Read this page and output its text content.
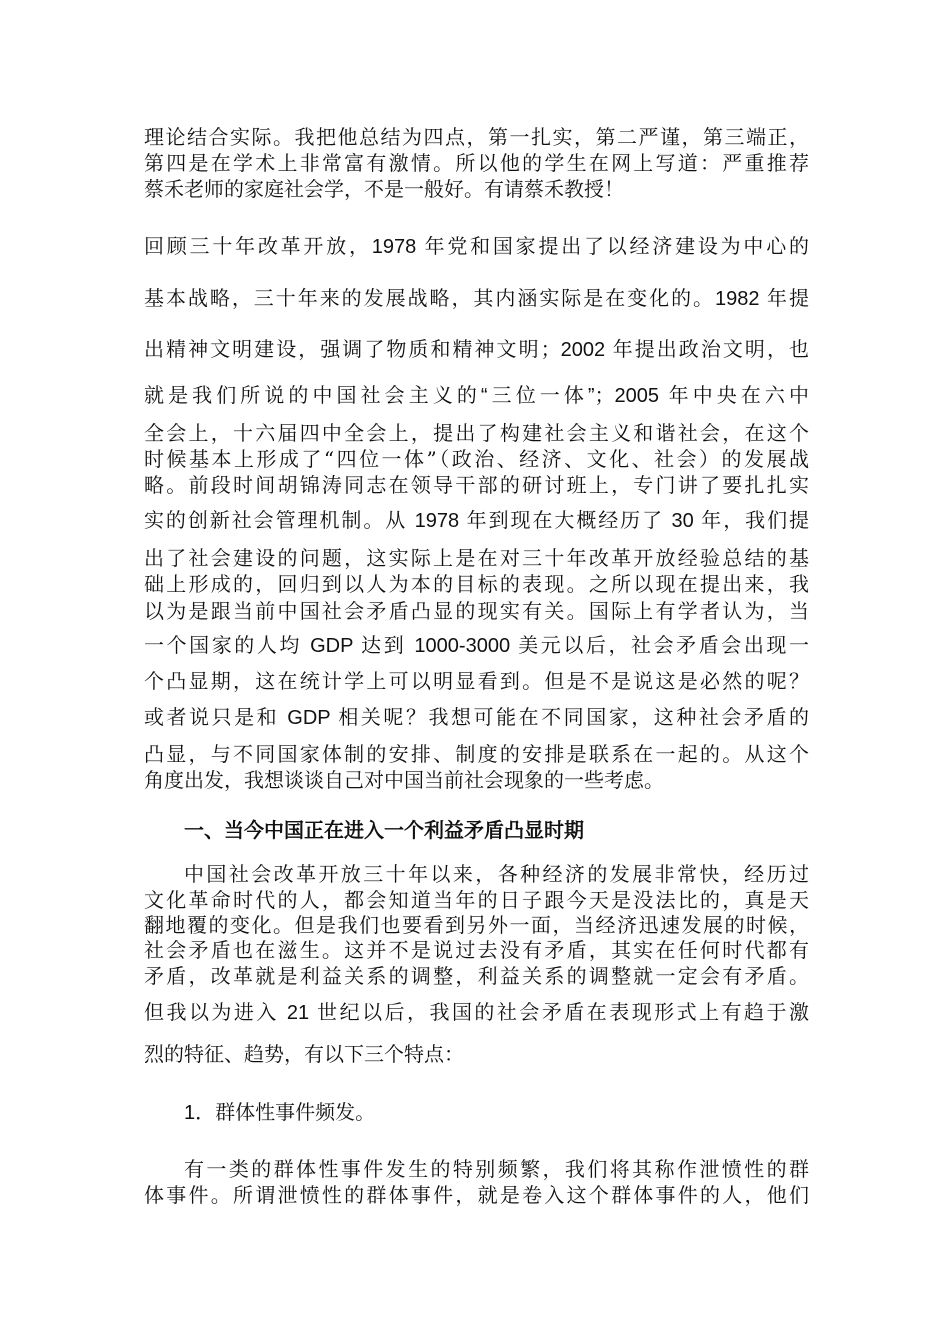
理论结合实际。我把他总结为四点，第一扎实，第二严谨，第三端正，

第四是在学术上非常富有激情。所以他的学生在网上写道：严重推荐

蔡禾老师的家庭社会学，不是一般好。有请蔡禾教授！

回顾三十年改革开放，1978 年党和国家提出了以经济建设为中心的

基本战略，三十年来的发展战略，其内涵实际是在变化的。1982 年提

出精神文明建设，强调了物质和精神文明；2002 年提出政治文明，也

就是我们所说的中国社会主义的“三位一体”；2005 年中央在六中

全会上，十六届四中全会上，提出了构建社会主义和谐社会，在这个

时候基本上形成了“四位一体”（政治、经济、文化、社会）的发展战

略。前段时间胡锦涛同志在领导干部的研讨班上，专门讲了要扎扎实

实的创新社会管理机制。从 1978 年到现在大概经历了 30 年，我们提

出了社会建设的问题，这实际上是在对三十年改革开放经验总结的基

础上形成的，回归到以人为本的目标的表现。之所以现在提出来，我

以为是跟当前中国社会矛盾凸显的现实有关。国际上有学者认为，当

一个国家的人均 GDP 达到 1000-3000 美元以后，社会矛盾会出现一

个凸显期，这在统计学上可以明显看到。但是不是说这是必然的呢？

或者说只是和 GDP 相关呢？我想可能在不同国家，这种社会矛盾的

凸显，与不同国家体制的安排、制度的安排是联系在一起的。从这个

角度出发，我想谈谈自己对中国当前社会现象的一些考虑。

一、当今中国正在进入一个利益矛盾凸显时期

中国社会改革开放三十年以来，各种经济的发展非常快，经历过

文化革命时代的人，都会知道当年的日子跟今天是没法比的，真是天

翻地覆的变化。但是我们也要看到另外一面，当经济迅速发展的时候，

社会矛盾也在滋生。这并不是说过去没有矛盾，其实在任何时代都有

矛盾，改革就是利益关系的调整，利益关系的调整就一定会有矛盾。

但我以为进入 21 世纪以后，我国的社会矛盾在表现形式上有趋于激

烈的特征、趋势，有以下三个特点：

1．群体性事件频发。

有一类的群体性事件发生的特别频繁，我们将其称作泄愤性的群

体事件。所谓泄愤性的群体事件，就是卷入这个群体事件的人，他们
